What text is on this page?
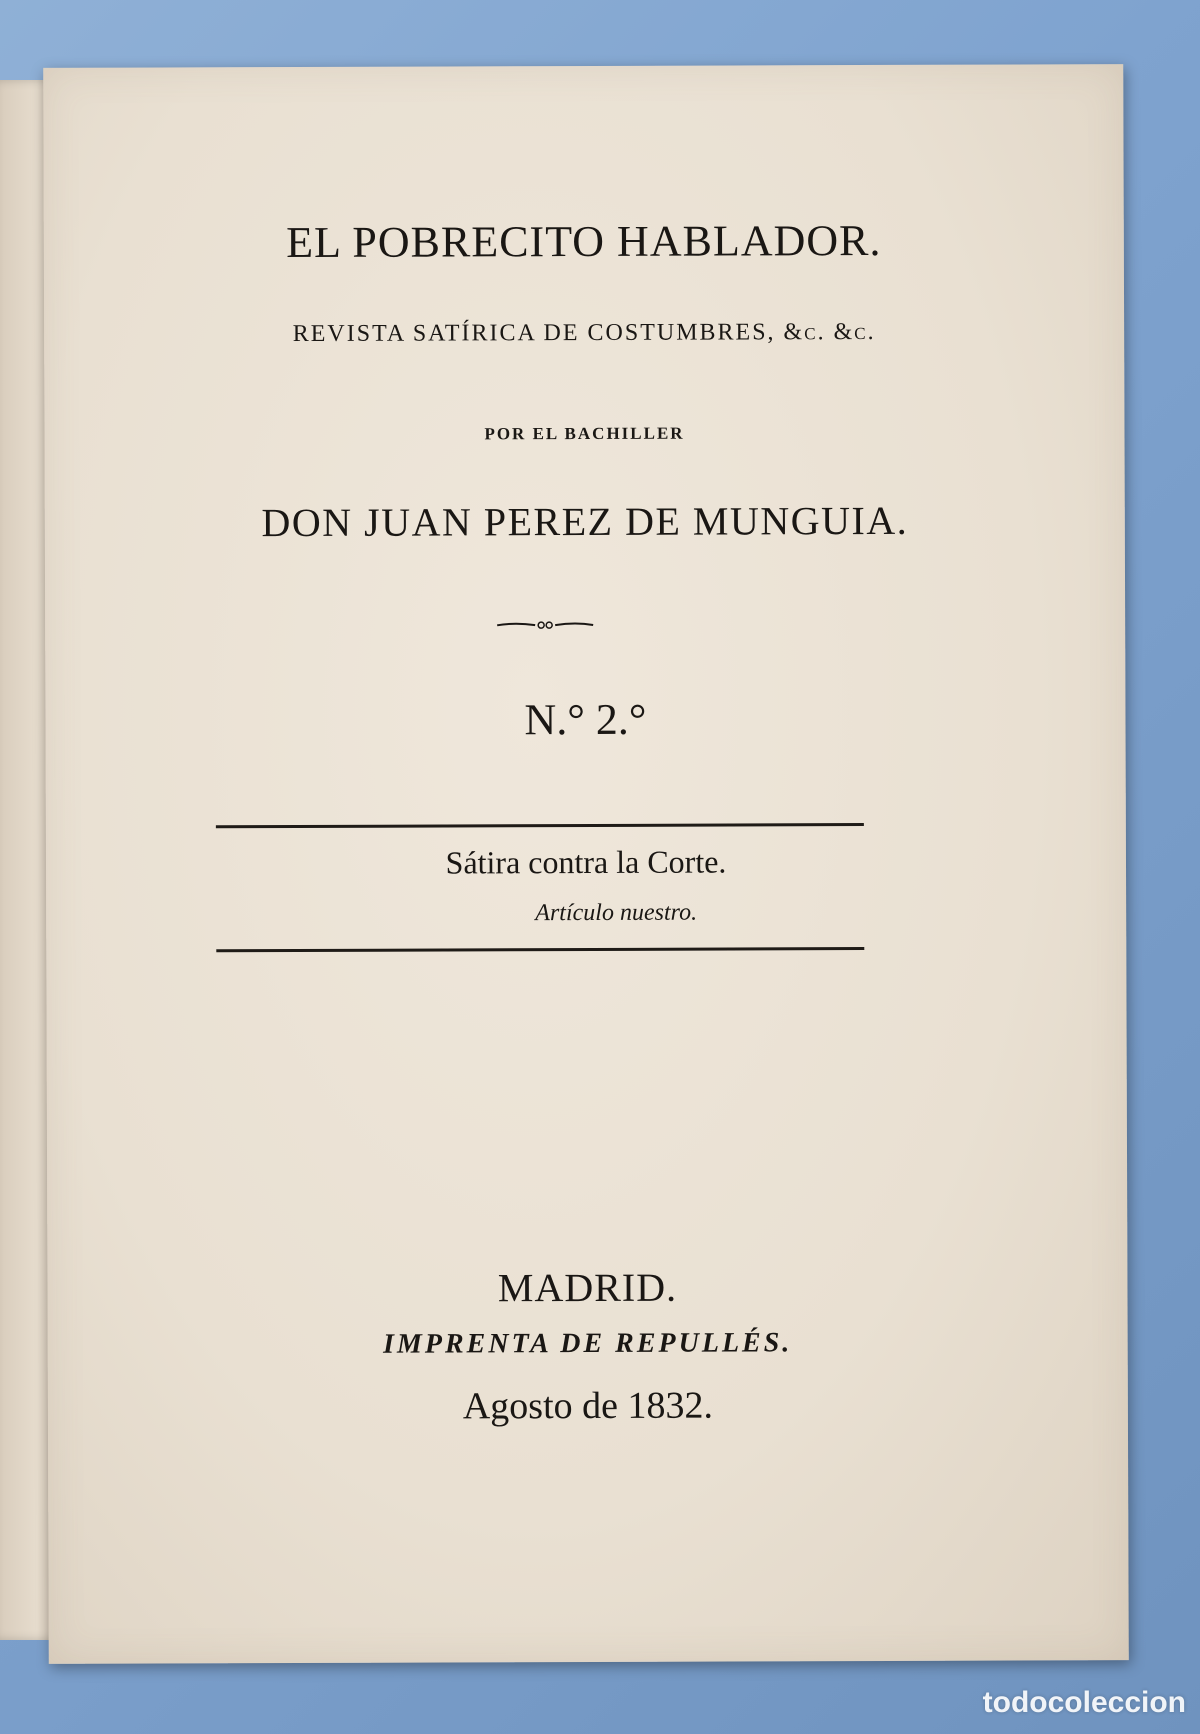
EL POBRECITO HABLADOR.
REVISTA SATÍRICA DE COSTUMBRES, &c. &c.
POR EL BACHILLER
DON JUAN PEREZ DE MUNGUIA.
N.° 2.°
Sátira contra la Corte.
Artículo nuestro.
MADRID.
IMPRENTA DE REPULLÉS.
Agosto de 1832.
todocoleccion
